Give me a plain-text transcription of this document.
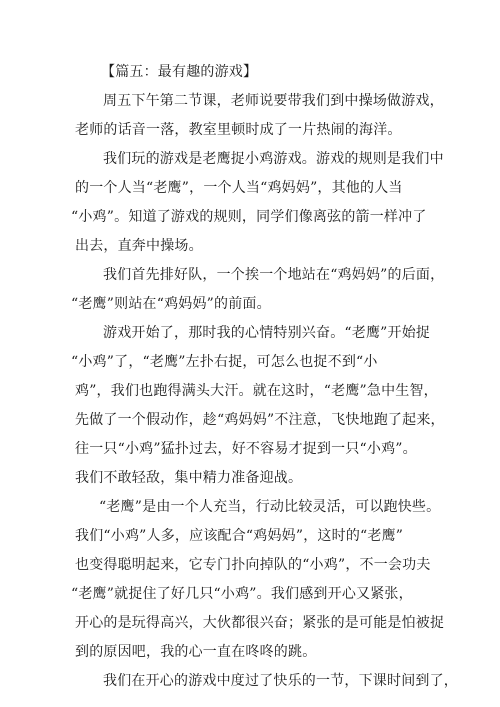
【篇五：最有趣的游戏】
周五下午第二节课，老师说要带我们到中操场做游戏，
老师的话音一落，教室里顿时成了一片热闹的海洋。
我们玩的游戏是老鹰捉小鸡游戏。游戏的规则是我们中
的一个人当“老鹰”，一个人当“鸡妈妈”，其他的人当
“小鸡”。知道了游戏的规则，同学们像离弦的箭一样冲了
出去，直奔中操场。
我们首先排好队，一个挨一个地站在“鸡妈妈”的后面，
“老鹰”则站在“鸡妈妈”的前面。
游戏开始了，那时我的心情特别兴奋。“老鹰”开始捉
“小鸡”了，“老鹰”左扑右捉，可怎么也捉不到“小
鸡”，我们也跑得满头大汗。就在这时，“老鹰”急中生智，
先做了一个假动作，趁“鸡妈妈”不注意，飞快地跑了起来，
往一只“小鸡”猛扑过去，好不容易才捉到一只“小鸡”。
我们不敢轻敌，集中精力准备迎战。
“老鹰”是由一个人充当，行动比较灵活，可以跑快些。
我们“小鸡”人多，应该配合“鸡妈妈”，这时的“老鹰”
也变得聪明起来，它专门扑向掉队的“小鸡”，不一会功夫
“老鹰”就捉住了好几只“小鸡”。我们感到开心又紧张，
开心的是玩得高兴，大伙都很兴奋；紧张的是可能是怕被捉
到的原因吧，我的心一直在咚咚的跳。
我们在开心的游戏中度过了快乐的一节，下课时间到了，
